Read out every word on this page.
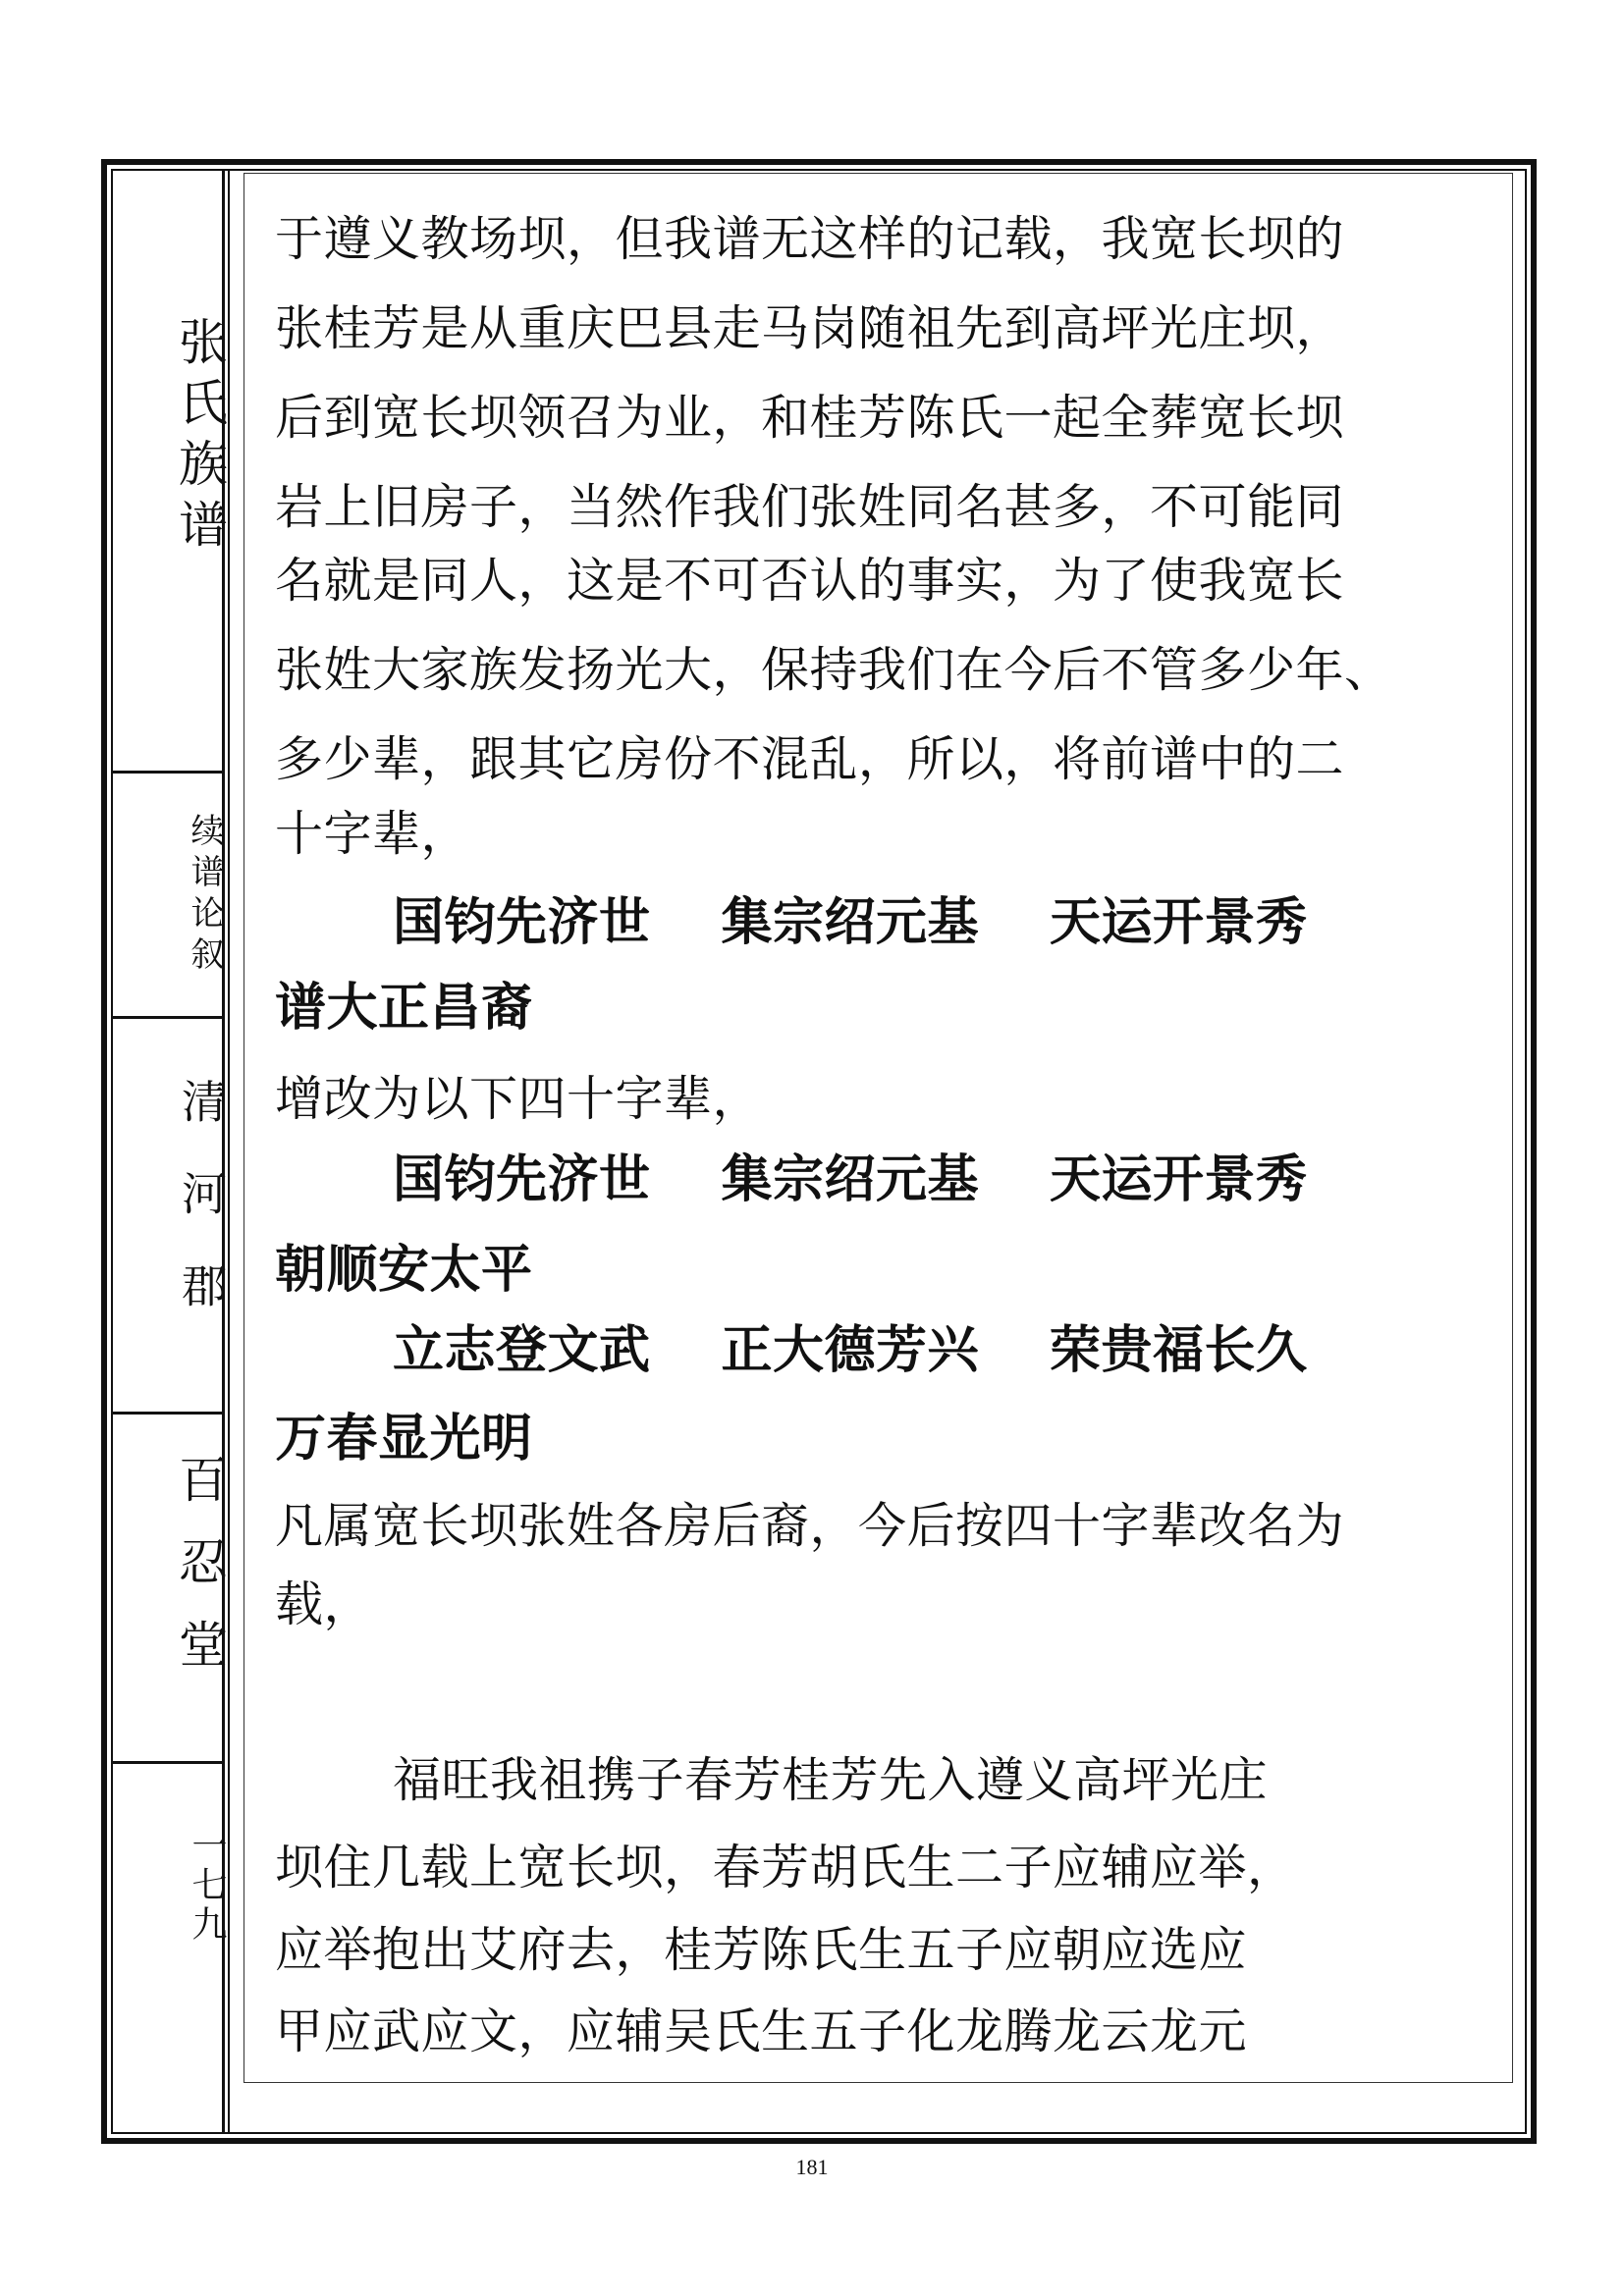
张氏族谱
续谱论叙
清河郡
百忍堂
一七九
于遵义教场坝，但我谱无这样的记载，我宽长坝的
张桂芳是从重庆巴县走马岗随祖先到高坪光庄坝，
后到宽长坝领召为业，和桂芳陈氏一起全葬宽长坝
岩上旧房子，当然作我们张姓同名甚多，不可能同
名就是同人，这是不可否认的事实，为了使我宽长
张姓大家族发扬光大，保持我们在今后不管多少年、
多少辈，跟其它房份不混乱，所以，将前谱中的二
十字辈，
国钧先济世 集宗绍元基 天运开景秀
谱大正昌裔
增改为以下四十字辈，
国钧先济世 集宗绍元基 天运开景秀
朝顺安太平
立志登文武 正大德芳兴 荣贵福长久
万春显光明
凡属宽长坝张姓各房后裔，今后按四十字辈改名为
载，
福旺我祖携子春芳桂芳先入遵义高坪光庄
坝住几载上宽长坝，春芳胡氏生二子应辅应举，
应举抱出艾府去，桂芳陈氏生五子应朝应选应
甲应武应文，应辅吴氏生五子化龙腾龙云龙元
181
